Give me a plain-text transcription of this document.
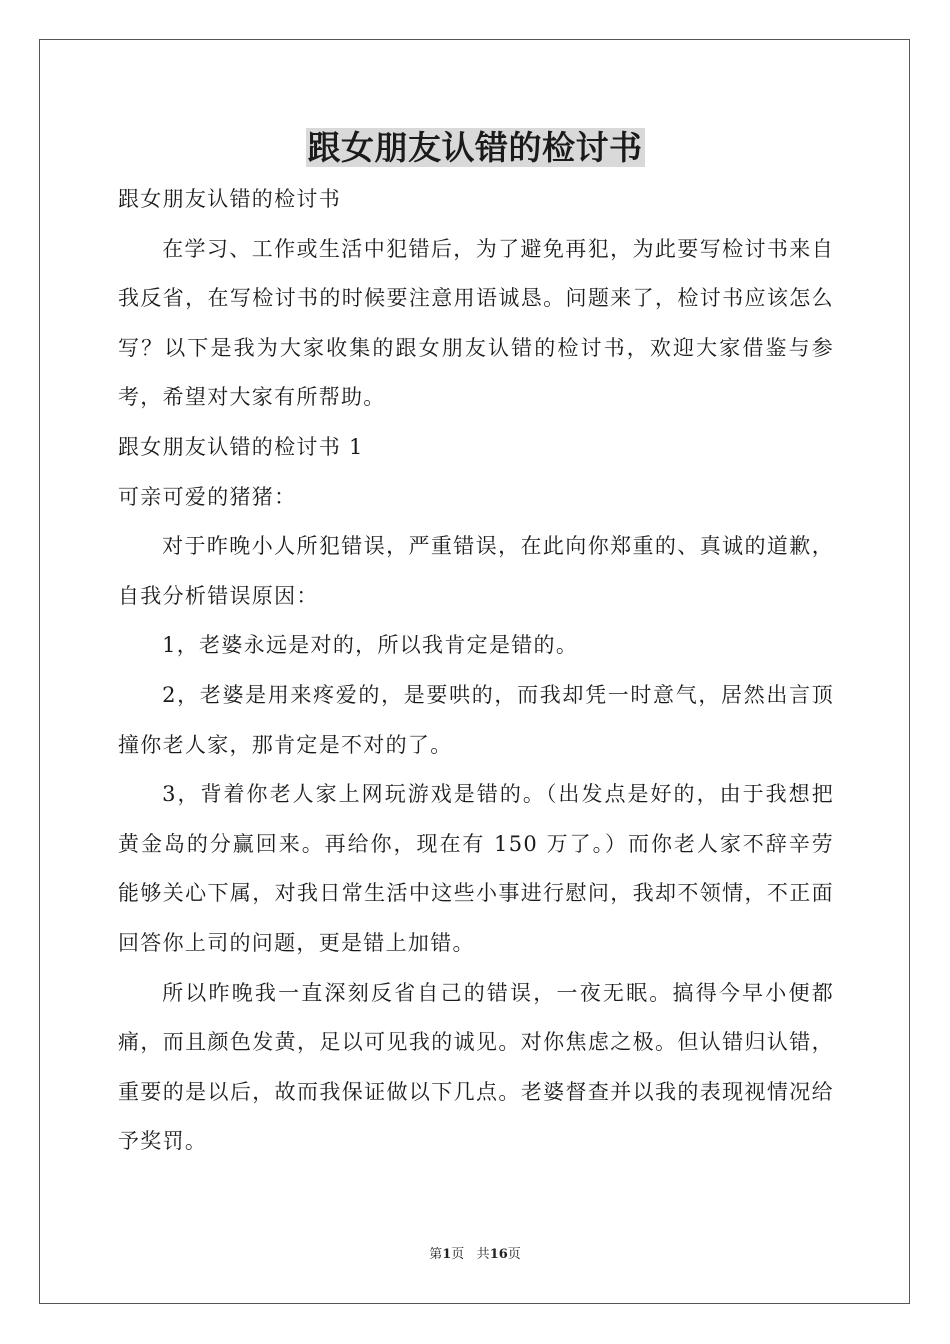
跟女朋友认错的检讨书

跟女朋友认错的检讨书

在学习、工作或生活中犯错后，为了避免再犯，为此要写检讨书来自我反省，在写检讨书的时候要注意用语诚恳。问题来了，检讨书应该怎么写？以下是我为大家收集的跟女朋友认错的检讨书，欢迎大家借鉴与参考，希望对大家有所帮助。

跟女朋友认错的检讨书 1

可亲可爱的猪猪：

对于昨晚小人所犯错误，严重错误，在此向你郑重的、真诚的道歉，自我分析错误原因：

1，老婆永远是对的，所以我肯定是错的。

2，老婆是用来疼爱的，是要哄的，而我却凭一时意气，居然出言顶撞你老人家，那肯定是不对的了。

3，背着你老人家上网玩游戏是错的。（出发点是好的，由于我想把黄金岛的分赢回来。再给你，现在有 150 万了。）而你老人家不辞辛劳能够关心下属，对我日常生活中这些小事进行慰问，我却不领情，不正面回答你上司的问题，更是错上加错。

所以昨晚我一直深刻反省自己的错误，一夜无眠。搞得今早小便都痛，而且颜色发黄，足以可见我的诚见。对你焦虑之极。但认错归认错，重要的是以后，故而我保证做以下几点。老婆督查并以我的表现视情况给予奖罚。

第1页 共16页
